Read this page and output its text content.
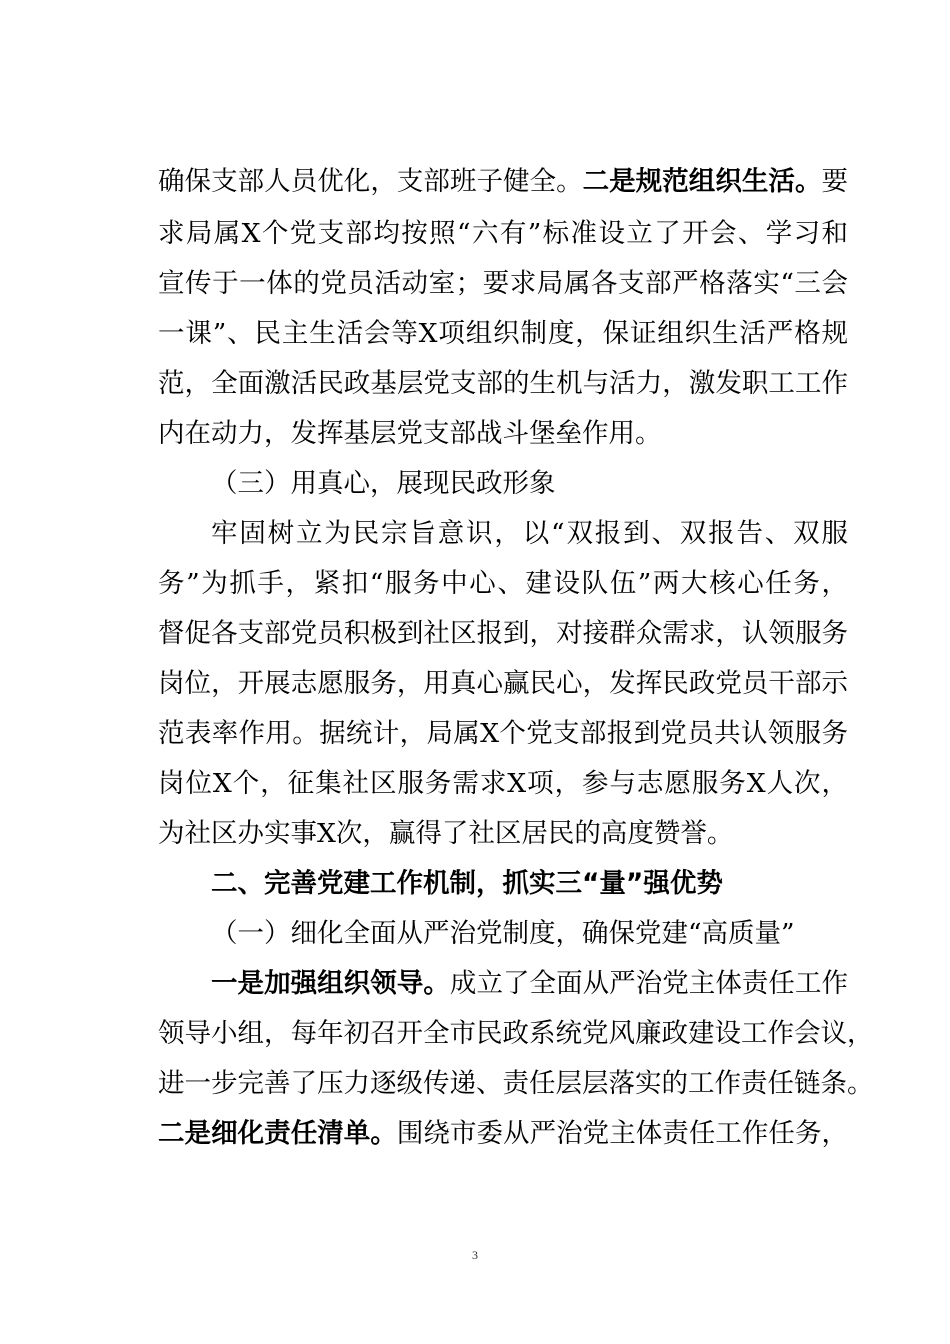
确保支部人员优化，支部班子健全。二是规范组织生活。要
求局属X个党支部均按照“六有”标准设立了开会、学习和
宣传于一体的党员活动室；要求局属各支部严格落实“三会
一课”、民主生活会等X项组织制度，保证组织生活严格规
范，全面激活民政基层党支部的生机与活力，激发职工工作
内在动力，发挥基层党支部战斗堡垒作用。
（三）用真心，展现民政形象
牢固树立为民宗旨意识，以“双报到、双报告、双服
务”为抓手，紧扣“服务中心、建设队伍”两大核心任务，
督促各支部党员积极到社区报到，对接群众需求，认领服务
岗位，开展志愿服务，用真心赢民心，发挥民政党员干部示
范表率作用。据统计，局属X个党支部报到党员共认领服务
岗位X个，征集社区服务需求X项，参与志愿服务X人次，
为社区办实事X次，赢得了社区居民的高度赞誉。
二、完善党建工作机制，抓实三“量”强优势
（一）细化全面从严治党制度，确保党建“高质量”
一是加强组织领导。成立了全面从严治党主体责任工作
领导小组，每年初召开全市民政系统党风廉政建设工作会议，
进一步完善了压力逐级传递、责任层层落实的工作责任链条。
二是细化责任清单。围绕市委从严治党主体责任工作任务，
3
